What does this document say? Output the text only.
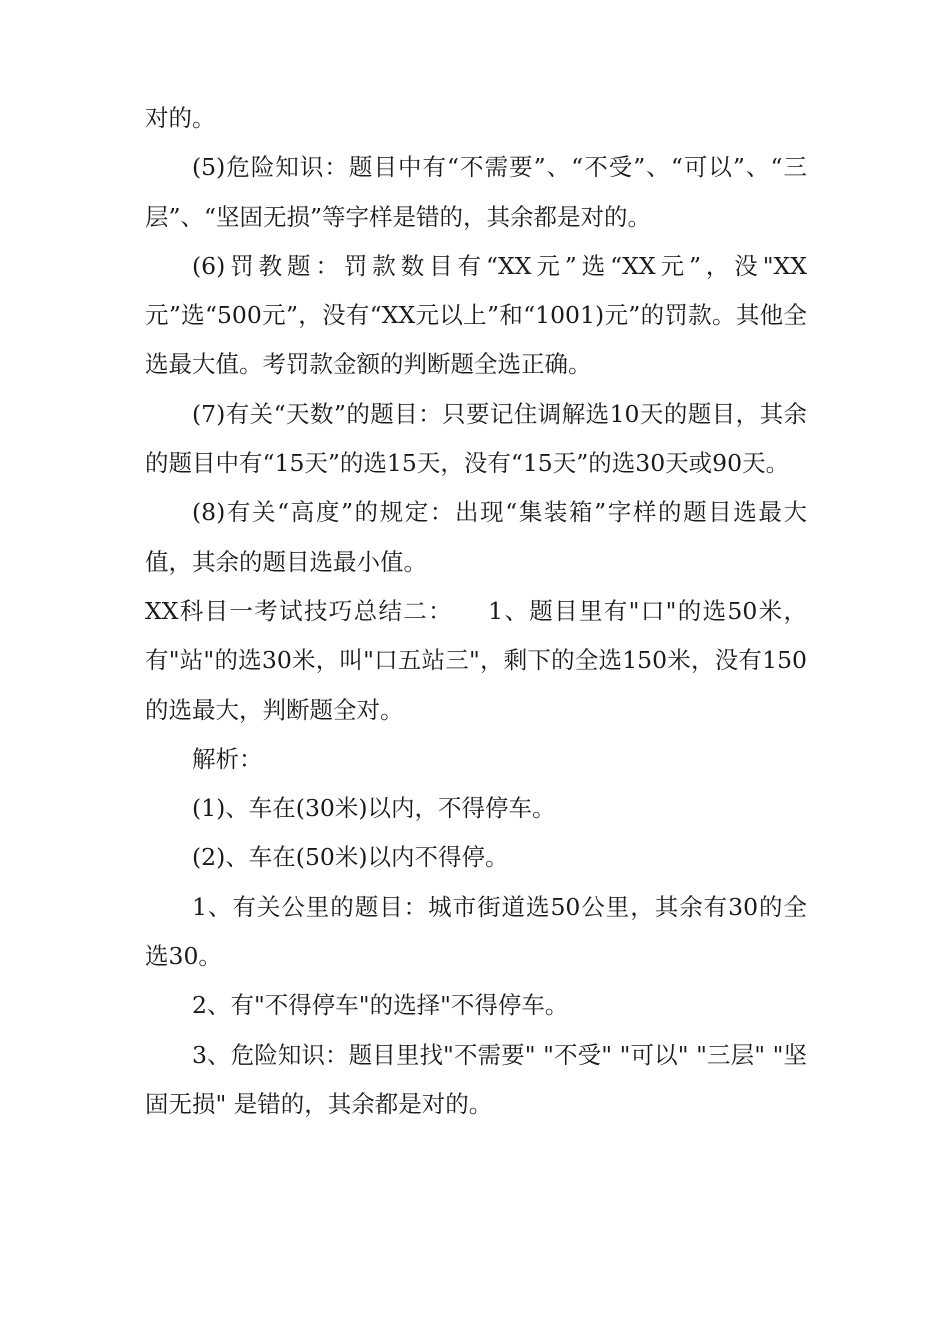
对的。

(5)危险知识：题目中有“不需要”、“不受”、“可以”、“三层”、“坚固无损”等字样是错的，其余都是对的。

(6)罚教题：罚款数目有“XX元”选“XX元”，没"XX元”选“500元”，没有“XX元以上”和“1001)元”的罚款。其他全选最大值。考罚款金额的判断题全选正确。

(7)有关“天数”的题目：只要记住调解选10天的题目，其余的题目中有“15天”的选15天，没有“15天”的选30天或90天。

(8)有关“高度”的规定：出现“集装箱”字样的题目选最大值，其余的题目选最小值。

XX科目一考试技巧总结二：    1、题目里有"口"的选50米，有"站"的选30米，叫"口五站三"，剩下的全选150米，没有150的选最大，判断题全对。

解析：

(1)、车在(30米)以内，不得停车。

(2)、车在(50米)以内不得停。

1、有关公里的题目：城市街道选50公里，其余有30的全选30。

2、有"不得停车"的选择"不得停车。

3、危险知识：题目里找"不需要" "不受" "可以" "三层" "坚固无损" 是错的，其余都是对的。
